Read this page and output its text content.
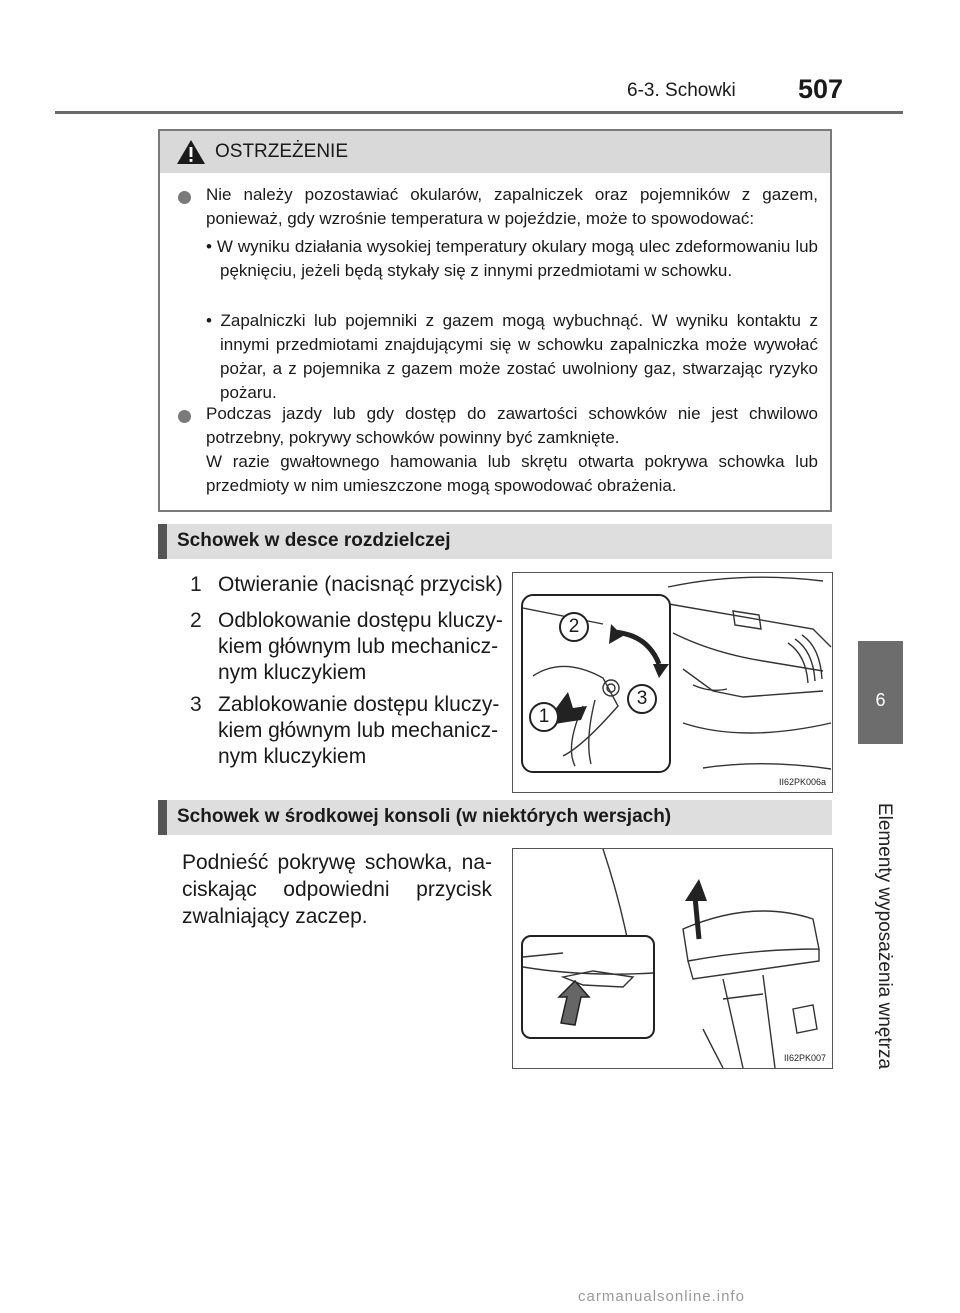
6-3. Schowki 507
6
Elementy wyposażenia wnętrza
OSTRZEŻENIE
Nie należy pozostawiać okularów, zapalniczek oraz pojemników z gazem, ponieważ, gdy wzrośnie temperatura w pojeździe, może to spowodować:
• W wyniku działania wysokiej temperatury okulary mogą ulec zdeformowaniu lub pęknięciu, jeżeli będą stykały się z innymi przedmiotami w schowku.
• Zapalniczki lub pojemniki z gazem mogą wybuchnąć. W wyniku kontaktu z innymi przedmiotami znajdującymi się w schowku zapalniczka może wywołać pożar, a z pojemnika z gazem może zostać uwolniony gaz, stwarzając ryzyko pożaru.
Podczas jazdy lub gdy dostęp do zawartości schowków nie jest chwilowo potrzebny, pokrywy schowków powinny być zamknięte.
W razie gwałtownego hamowania lub skrętu otwarta pokrywa schowka lub przedmioty w nim umieszczone mogą spowodować obrażenia.
Schowek w desce rozdzielczej
1 Otwieranie (nacisnąć przycisk)
2 Odblokowanie dostępu kluczy-
kiem głównym lub mechanicz-
nym kluczykiem
3 Zablokowanie dostępu kluczy-
kiem głównym lub mechanicz-
nym kluczykiem
2
3
1
II62PK006a
Schowek w środkowej konsoli (w niektórych wersjach)
Podnieść pokrywę schowka, na-
ciskając odpowiedni przycisk
zwalniający zaczep.
II62PK007
carmanualsonline.info
